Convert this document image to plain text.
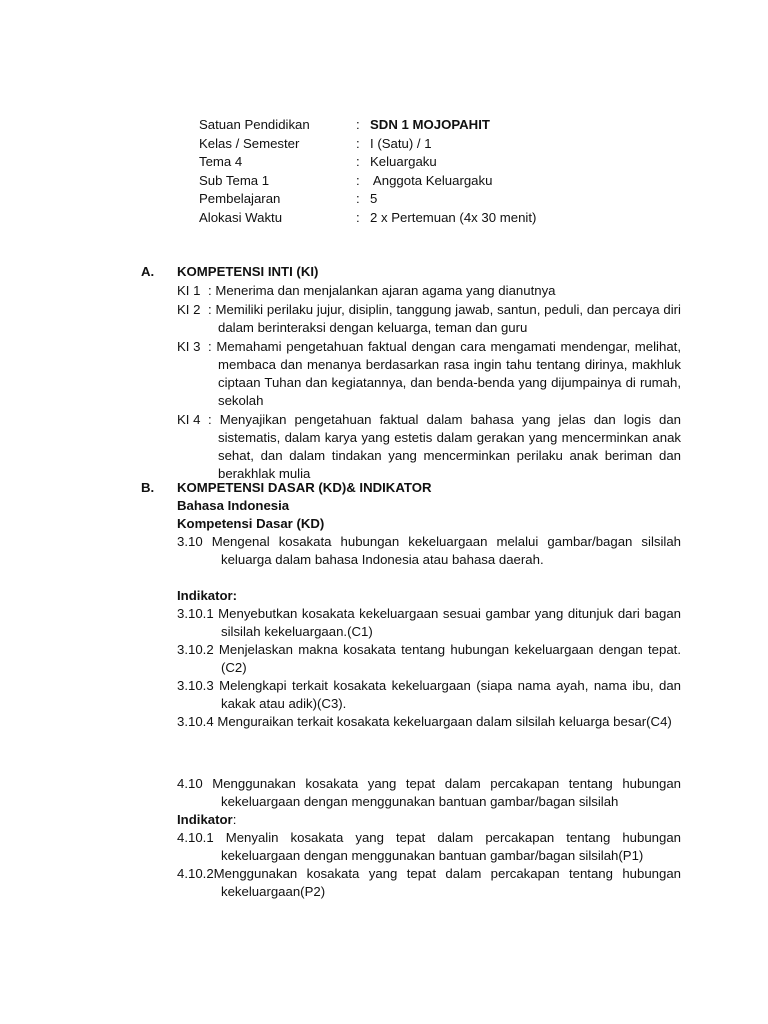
Satuan Pendidikan	: SDN 1 MOJOPAHIT
Kelas / Semester	: I (Satu) / 1
Tema 4	: Keluargaku
Sub Tema 1	: Anggota Keluargaku
Pembelajaran	: 5
Alokasi Waktu	: 2 x Pertemuan (4x 30 menit)
A.	KOMPETENSI INTI (KI)
KI 1 : Menerima dan menjalankan ajaran agama yang dianutnya
KI 2 : Memiliki perilaku jujur, disiplin, tanggung jawab, santun, peduli, dan percaya diri dalam berinteraksi dengan keluarga, teman dan guru
KI 3 : Memahami pengetahuan faktual dengan cara mengamati mendengar, melihat, membaca dan menanya berdasarkan rasa ingin tahu tentang dirinya, makhluk ciptaan Tuhan dan kegiatannya, dan benda-benda yang dijumpainya di rumah, sekolah
KI 4 : Menyajikan pengetahuan faktual dalam bahasa yang jelas dan logis dan sistematis, dalam karya yang estetis dalam gerakan yang mencerminkan anak sehat, dan dalam tindakan yang mencerminkan perilaku anak beriman dan berakhlak mulia
B.	KOMPETENSI DASAR (KD)& INDIKATOR
Bahasa Indonesia
Kompetensi Dasar (KD)
3.10 Mengenal kosakata hubungan kekeluargaan melalui gambar/bagan silsilah keluarga dalam bahasa Indonesia atau bahasa daerah.
Indikator:
3.10.1 Menyebutkan kosakata kekeluargaan sesuai gambar yang ditunjuk dari bagan silsilah kekeluargaan.(C1)
3.10.2 Menjelaskan makna kosakata tentang hubungan kekeluargaan dengan tepat.(C2)
3.10.3 Melengkapi terkait kosakata kekeluargaan (siapa nama ayah, nama ibu, dan kakak atau adik)(C3).
3.10.4 Menguraikan terkait kosakata kekeluargaan dalam silsilah keluarga besar(C4)
4.10 Menggunakan kosakata yang tepat dalam percakapan tentang hubungan kekeluargaan dengan menggunakan bantuan gambar/bagan silsilah
Indikator:
4.10.1 Menyalin kosakata yang tepat dalam percakapan tentang hubungan kekeluargaan dengan menggunakan bantuan gambar/bagan silsilah(P1)
4.10.2Menggunakan kosakata yang tepat dalam percakapan tentang hubungan kekeluargaan(P2)
